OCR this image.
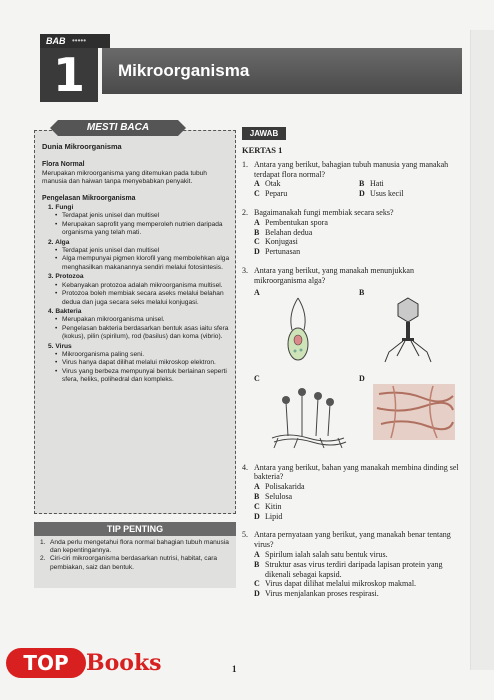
BAB •••••
1	Mikroorganisma
MESTI BACA
Dunia Mikroorganisma
Flora Normal
Merupakan mikroorganisma yang ditemukan pada tubuh manusia dan haiwan tanpa menyebabkan penyakit.
Pengelasan Mikroorganisma
1. Fungi
• Terdapat jenis unisel dan multisel
• Merupakan saprofit yang memperoleh nutrien daripada organisma yang telah mati.
2. Alga
• Terdapat jenis unisel dan multisel
• Alga mempunyai pigmen klorofil yang membolehkan alga menghasilkan makanannya sendiri melalui fotosintesis.
3. Protozoa
• Kebanyakan protozoa adalah mikroorganisma multisel.
• Protozoa boleh membiak secara aseks melalui belahan dedua dan juga secara seks melalui konjugasi.
4. Bakteria
• Merupakan mikroorganisma unisel.
• Pengelasan bakteria berdasarkan bentuk asas iaitu sfera (kokus), pilin (spirilum), rod (basilus) dan koma (vibrio).
5. Virus
• Mikroorganisma paling seni.
• Virus hanya dapat dilihat melalui mikroskop elektron.
• Virus yang berbeza mempunyai bentuk berlainan seperti sfera, heliks, polihedral dan kompleks.
TIP PENTING
1. Anda perlu mengetahui flora normal bahagian tubuh manusia dan kepentingannya.
2. Ciri-ciri mikroorganisma berdasarkan nutrisi, habitat, cara pembiakan, saiz dan bentuk.
TOP Books
JAWAB
KERTAS 1
1. Antara yang berikut, bahagian tubuh manusia yang manakah terdapat flora normal?
A Otak	B Hati
C Peparu	D Usus kecil
2. Bagaimanakah fungi membiak secara seks?
A Pembentukan spora
B Belahan dedua
C Konjugasi
D Pertunasan
3. Antara yang berikut, yang manakah menunjukkan mikroorganisma alga?
A	B
C	D
4. Antara yang berikut, bahan yang manakah membina dinding sel bakteria?
A Polisakarida
B Selulosa
C Kitin
D Lipid
5. Antara pernyataan yang berikut, yang manakah benar tentang virus?
A Spirilum ialah salah satu bentuk virus.
B Struktur asas virus terdiri daripada lapisan protein yang dikenali sebagai kapsid.
C Virus dapat dilihat melalui mikroskop makmal.
D Virus menjalankan proses respirasi.
1
